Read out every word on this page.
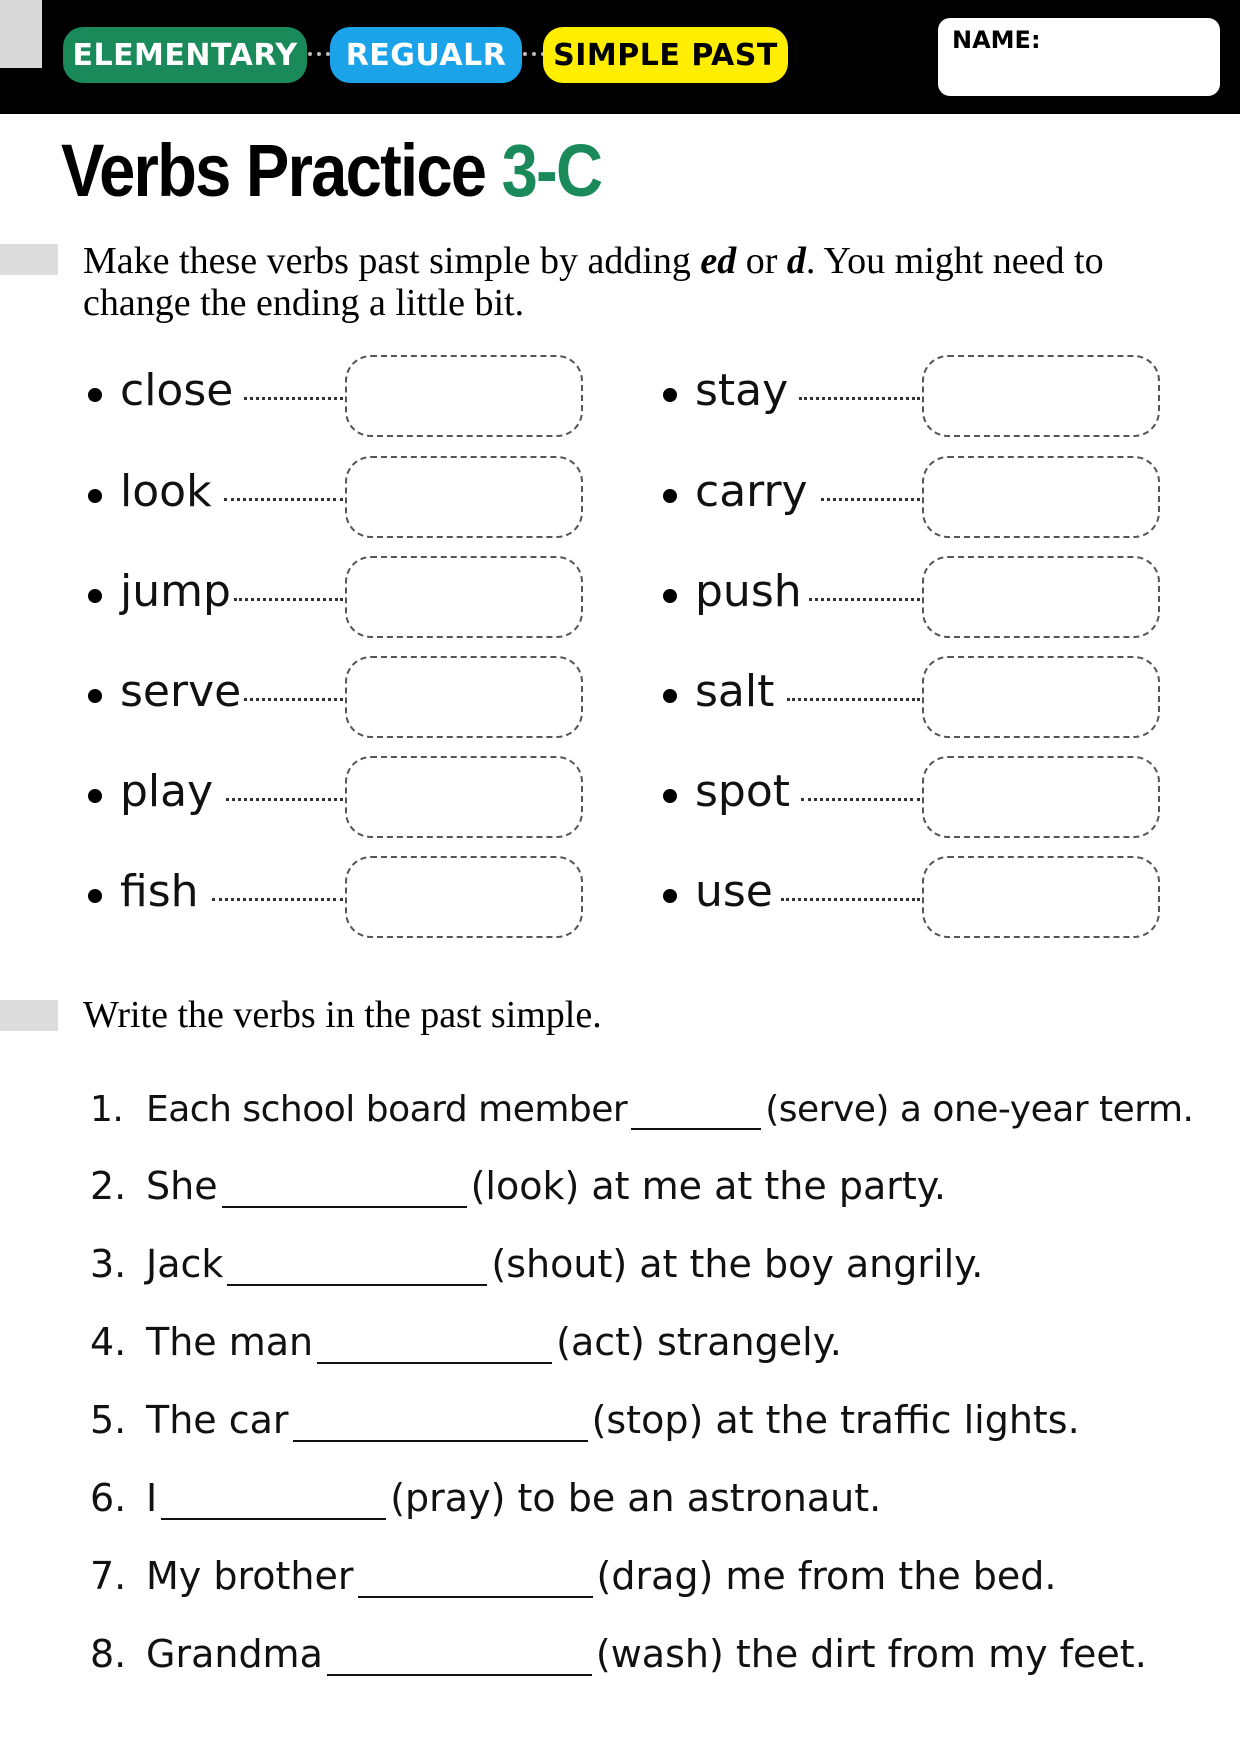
ELEMENTARY	REGUALR	SIMPLE PAST	NAME:
Verbs Practice 3-C
Make these verbs past simple by adding ed or d. You might need to change the ending a little bit.
close
look
jump
serve
play
fish
stay
carry
push
salt
spot
use
Write the verbs in the past simple.
1. Each school board member	(serve) a one-year term.
2. She	(look) at me at the party.
3. Jack	(shout) at the boy angrily.
4. The man	(act) strangely.
5. The car	(stop) at the traffic lights.
6. I	(pray) to be an astronaut.
7. My brother	(drag) me from the bed.
8. Grandma	(wash) the dirt from my feet.
